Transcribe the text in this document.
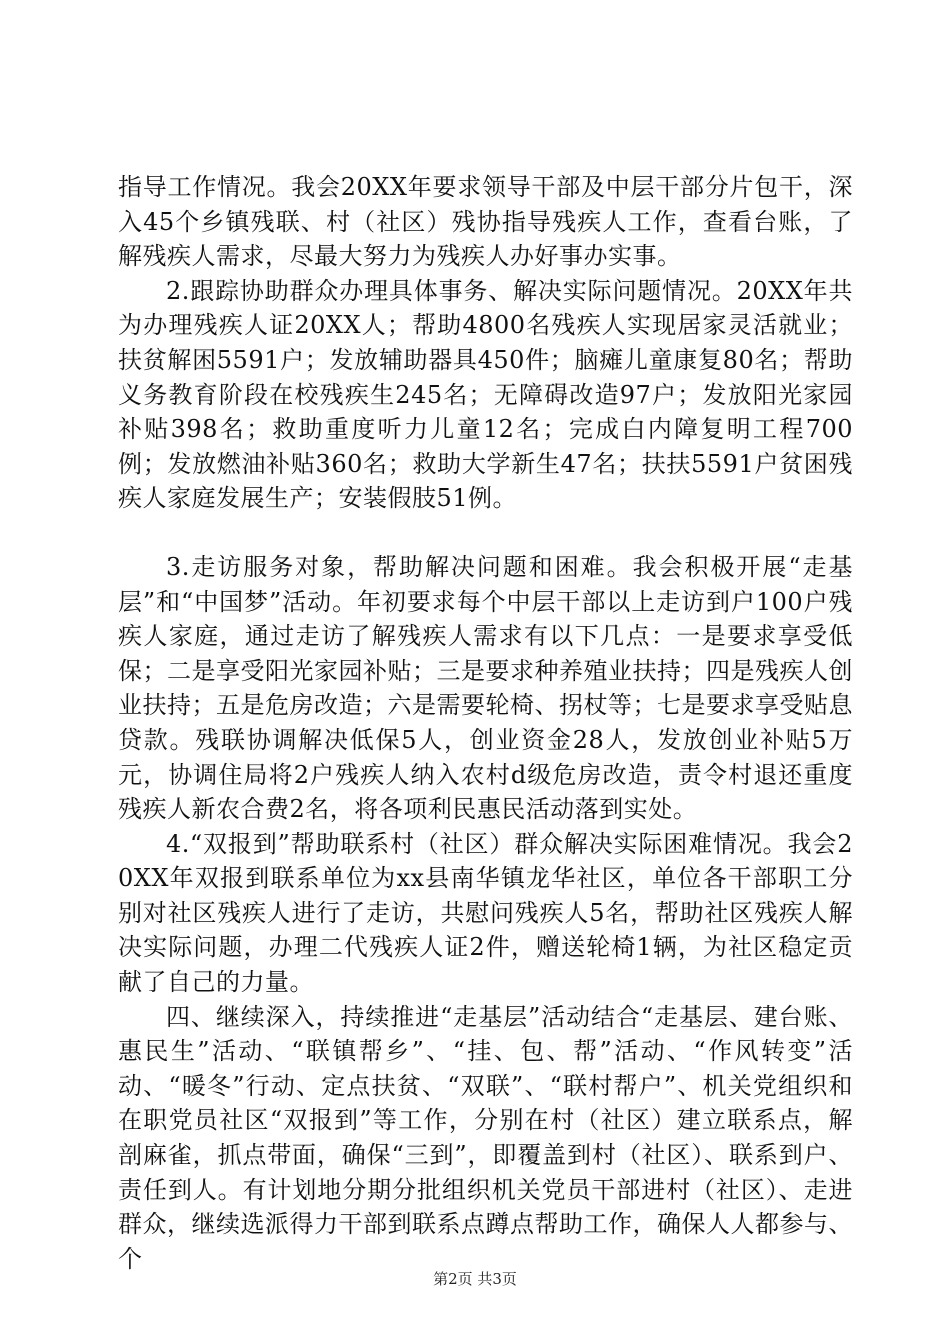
指导工作情况。我会20XX年要求领导干部及中层干部分片包干，深入45个乡镇残联、村（社区）残协指导残疾人工作，查看台账，了解残疾人需求，尽最大努力为残疾人办好事办实事。

2.跟踪协助群众办理具体事务、解决实际问题情况。20XX年共为办理残疾人证20XX人；帮助4800名残疾人实现居家灵活就业；扶贫解困5591户；发放辅助器具450件；脑瘫儿童康复80名；帮助义务教育阶段在校残疾生245名；无障碍改造97户；发放阳光家园补贴398名；救助重度听力儿童12名；完成白内障复明工程700例；发放燃油补贴360名；救助大学新生47名；扶扶5591户贫困残疾人家庭发展生产；安装假肢51例。

3.走访服务对象，帮助解决问题和困难。我会积极开展“走基层”和“中国梦”活动。年初要求每个中层干部以上走访到户100户残疾人家庭，通过走访了解残疾人需求有以下几点：一是要求享受低保；二是享受阳光家园补贴；三是要求种养殖业扶持；四是残疾人创业扶持；五是危房改造；六是需要轮椅、拐杖等；七是要求享受贴息贷款。残联协调解决低保5人，创业资金28人，发放创业补贴5万元，协调住局将2户残疾人纳入农村d级危房改造，责令村退还重度残疾人新农合费2名，将各项利民惠民活动落到实处。

4.“双报到”帮助联系村（社区）群众解决实际困难情况。我会20XX年双报到联系单位为xx县南华镇龙华社区，单位各干部职工分别对社区残疾人进行了走访，共慰问残疾人5名，帮助社区残疾人解决实际问题，办理二代残疾人证2件，赠送轮椅1辆，为社区稳定贡献了自己的力量。

四、继续深入，持续推进“走基层”活动结合“走基层、建台账、惠民生”活动、“联镇帮乡”、“挂、包、帮”活动、“作风转变”活动、“暖冬”行动、定点扶贫、“双联”、“联村帮户”、机关党组织和在职党员社区“双报到”等工作，分别在村（社区）建立联系点，解剖麻雀，抓点带面，确保“三到”，即覆盖到村（社区）、联系到户、责任到人。有计划地分期分批组织机关党员干部进村（社区）、走进群众，继续选派得力干部到联系点蹲点帮助工作，确保人人都参与、个

第2页 共3页
